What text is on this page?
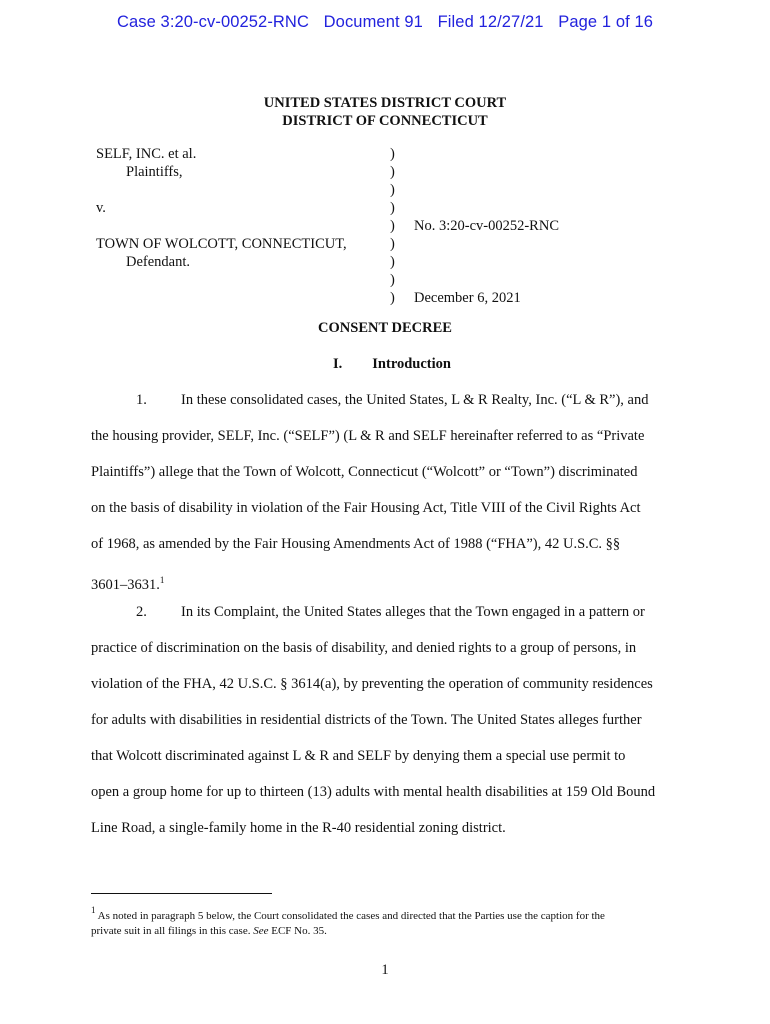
Case 3:20-cv-00252-RNC Document 91 Filed 12/27/21 Page 1 of 16
UNITED STATES DISTRICT COURT
DISTRICT OF CONNECTICUT
SELF, INC. et al.
Plaintiffs,
v.
TOWN OF WOLCOTT, CONNECTICUT,
Defendant.
)
)
)
)
)
)
)
)
)
No. 3:20-cv-00252-RNC
December 6, 2021
CONSENT DECREE
I. Introduction
1. In these consolidated cases, the United States, L & R Realty, Inc. (“L & R”), and
the housing provider, SELF, Inc. (“SELF”) (L & R and SELF hereinafter referred to as “Private
Plaintiffs”) allege that the Town of Wolcott, Connecticut (“Wolcott” or “Town”) discriminated
on the basis of disability in violation of the Fair Housing Act, Title VIII of the Civil Rights Act
of 1968, as amended by the Fair Housing Amendments Act of 1988 (“FHA”), 42 U.S.C. §§
3601–3631.$^1$
2. In its Complaint, the United States alleges that the Town engaged in a pattern or
practice of discrimination on the basis of disability, and denied rights to a group of persons, in
violation of the FHA, 42 U.S.C. § 3614(a), by preventing the operation of community residences
for adults with disabilities in residential districts of the Town. The United States alleges further
that Wolcott discriminated against L & R and SELF by denying them a special use permit to
open a group home for up to thirteen (13) adults with mental health disabilities at 159 Old Bound
Line Road, a single-family home in the R-40 residential zoning district.
$^1$ As noted in paragraph 5 below, the Court consolidated the cases and directed that the Parties use the caption for the
private suit in all filings in this case. See ECF No. 35.
1
